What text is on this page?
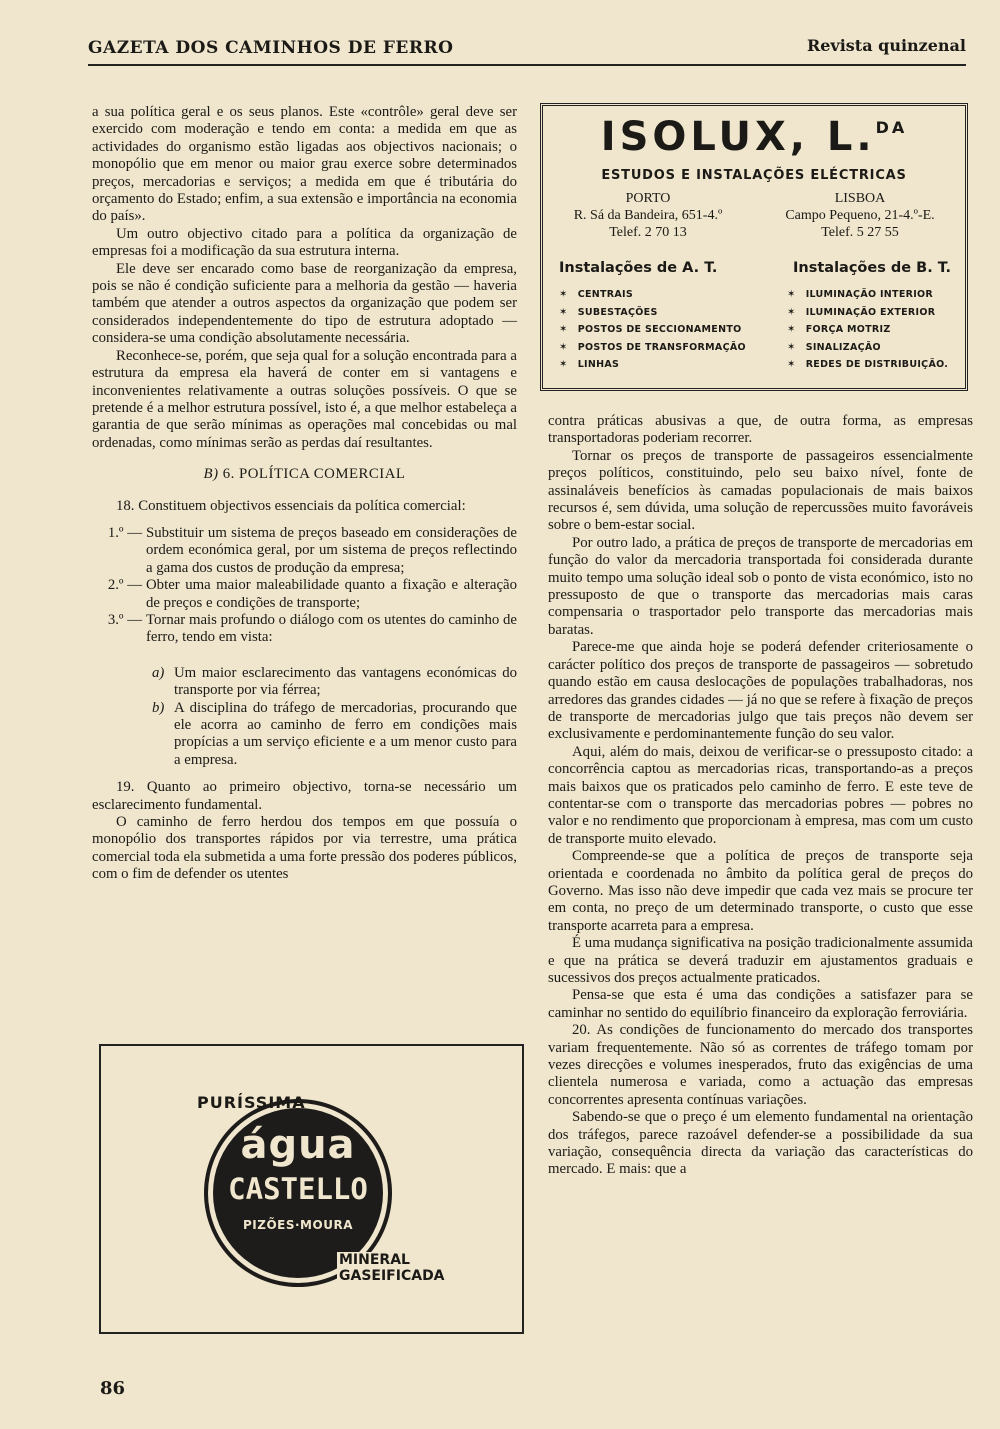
GAZETA DOS CAMINHOS DE FERRO	Revista quinzenal

a sua política geral e os seus planos. Este «contrôle» geral deve ser exercido com moderação e tendo em conta: a medida em que as actividades do organismo estão ligadas aos objectivos nacionais; o monopólio que em menor ou maior grau exerce sobre determinados preços, mercadorias e serviços; a medida em que é tributária do orçamento do Estado; enfim, a sua extensão e importância na economia do país».

Um outro objectivo citado para a política da organização de empresas foi a modificação da sua estrutura interna.

Ele deve ser encarado como base de reorganização da empresa, pois se não é condição suficiente para a melhoria da gestão — haveria também que atender a outros aspectos da organização que podem ser considerados independentemente do tipo de estrutura adoptado — considera-se uma condição absolutamente necessária.

Reconhece-se, porém, que seja qual for a solução encontrada para a estrutura da empresa ela haverá de conter em si vantagens e inconvenientes relativamente a outras soluções possíveis. O que se pretende é a melhor estrutura possível, isto é, a que melhor estabeleça a garantia de que serão mínimas as operações mal concebidas ou mal ordenadas, como mínimas serão as perdas daí resultantes.

B) 6. POLÍTICA COMERCIAL

18. Constituem objectivos essenciais da política comercial:

1.º — Substituir um sistema de preços baseado em considerações de ordem económica geral, por um sistema de preços reflectindo a gama dos custos de produção da empresa;
2.º — Obter uma maior maleabilidade quanto a fixação e alteração de preços e condições de transporte;
3.º — Tornar mais profundo o diálogo com os utentes do caminho de ferro, tendo em vista:
a) Um maior esclarecimento das vantagens económicas do transporte por via férrea;
b) A disciplina do tráfego de mercadorias, procurando que ele acorra ao caminho de ferro em condições mais propícias a um serviço eficiente e a um menor custo para a empresa.

19. Quanto ao primeiro objectivo, torna-se necessário um esclarecimento fundamental.

O caminho de ferro herdou dos tempos em que possuía o monopólio dos transportes rápidos por via terrestre, uma prática comercial toda ela submetida a uma forte pressão dos poderes públicos, com o fim de defender os utentes

ISOLUX, L.$^{DA}$
ESTUDOS E INSTALAÇÕES ELÉCTRICAS
PORTO
R. Sá da Bandeira, 651-4.º
Telef. 2 70 13
LISBOA
Campo Pequeno, 21-4.º-E.
Telef. 5 27 55
Instalações de A. T.	Instalações de B. T.
✶ CENTRAIS
✶ SUBESTAÇÕES
✶ POSTOS DE SECCIONAMENTO
✶ POSTOS DE TRANSFORMAÇÃO
✶ LINHAS
✶ ILUMINAÇÃO INTERIOR
✶ ILUMINAÇÃO EXTERIOR
✶ FORÇA MOTRIZ
✶ SINALIZAÇÃO
✶ REDES DE DISTRIBUIÇÃO.

contra práticas abusivas a que, de outra forma, as empresas transportadoras poderiam recorrer.

Tornar os preços de transporte de passageiros essencialmente preços políticos, constituindo, pelo seu baixo nível, fonte de assinaláveis benefícios às camadas populacionais de mais baixos recursos é, sem dúvida, uma solução de repercussões muito favoráveis sobre o bem-estar social.

Por outro lado, a prática de preços de transporte de mercadorias em função do valor da mercadoria transportada foi considerada durante muito tempo uma solução ideal sob o ponto de vista económico, isto no pressuposto de que o transporte das mercadorias mais caras compensaria o trasportador pelo transporte das mercadorias mais baratas.

Parece-me que ainda hoje se poderá defender criteriosamente o carácter político dos preços de transporte de passageiros — sobretudo quando estão em causa deslocações de populações trabalhadoras, nos arredores das grandes cidades — já no que se refere à fixação de preços de transporte de mercadorias julgo que tais preços não devem ser exclusivamente e perdominantemente função do seu valor.

Aqui, além do mais, deixou de verificar-se o pressuposto citado: a concorrência captou as mercadorias ricas, transportando-as a preços mais baixos que os praticados pelo caminho de ferro. E este teve de contentar-se com o transporte das mercadorias pobres — pobres no valor e no rendimento que proporcionam à empresa, mas com um custo de transporte muito elevado.

Compreende-se que a política de preços de transporte seja orientada e coordenada no âmbito da política geral de preços do Governo. Mas isso não deve impedir que cada vez mais se procure ter em conta, no preço de um determinado transporte, o custo que esse transporte acarreta para a empresa.

É uma mudança significativa na posição tradicionalmente assumida e que na prática se deverá traduzir em ajustamentos graduais e sucessivos dos preços actualmente praticados.

Pensa-se que esta é uma das condições a satisfazer para se caminhar no sentido do equilíbrio financeiro da exploração ferroviária.

20. As condições de funcionamento do mercado dos transportes variam frequentemente. Não só as correntes de tráfego tomam por vezes direcções e volumes inesperados, fruto das exigências de uma clientela numerosa e variada, como a actuação das empresas concorrentes apresenta contínuas variações.

Sabendo-se que o preço é um elemento fundamental na orientação dos tráfegos, parece razoável defender-se a possibilidade da sua variação, consequência directa da variação das características do mercado. E mais: que a

PURÍSSIMA
água
CASTELLO
PIZÕES·MOURA
MINERAL
GASEIFICADA
86
